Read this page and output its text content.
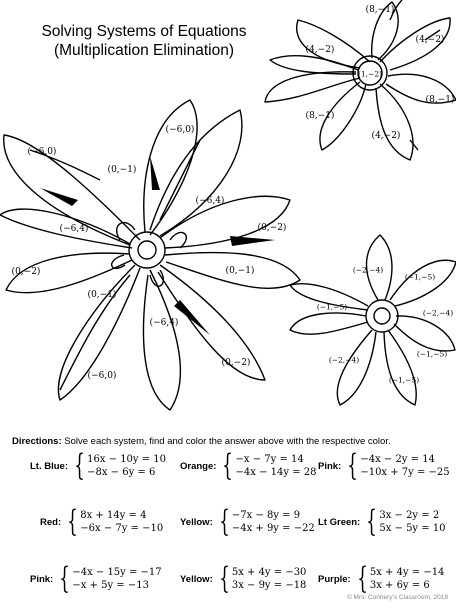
Solving Systems of Equations
(Multiplication Elimination)
(8,−1)
(4,−2)
(4,−2)
(1,−2)
(8,−1)
(8,−1)
(4,−2)
(−6,0)
(−6,0)
(0,−1)
(−6,4)
(−6,4)	(0,−2)
(0,−2)	(0,−1)
(0,−1)
(−6,4)
(−6,0)
(0,−2)
(−2,−4)
(−1,−5)
(−1,−5)
(−2,−4)
(−2,−4)
(−1,−5)
(−1,−5)
Directions: Solve each system, find and color the answer above with the respective color.
Lt. Blue: { 16x − 10y = 10
−8x − 6y = 6
Orange: { −x − 7y = 14
−4x − 14y = 28
Pink: { −4x − 2y = 14
−10x + 7y = −25
Red: { 8x + 14y = 4
−6x − 7y = −10
Yellow: { −7x − 8y = 9
−4x + 9y = −22
Lt Green: { 3x − 2y = 2
5x − 5y = 10
Pink: { −4x − 15y = −17
−x + 5y = −13
Yellow: { 5x + 4y = −30
3x − 9y = −18
Purple: { 5x + 4y = −14
3x + 6y = 6
© Mrs. Connery's Classroom, 2018
